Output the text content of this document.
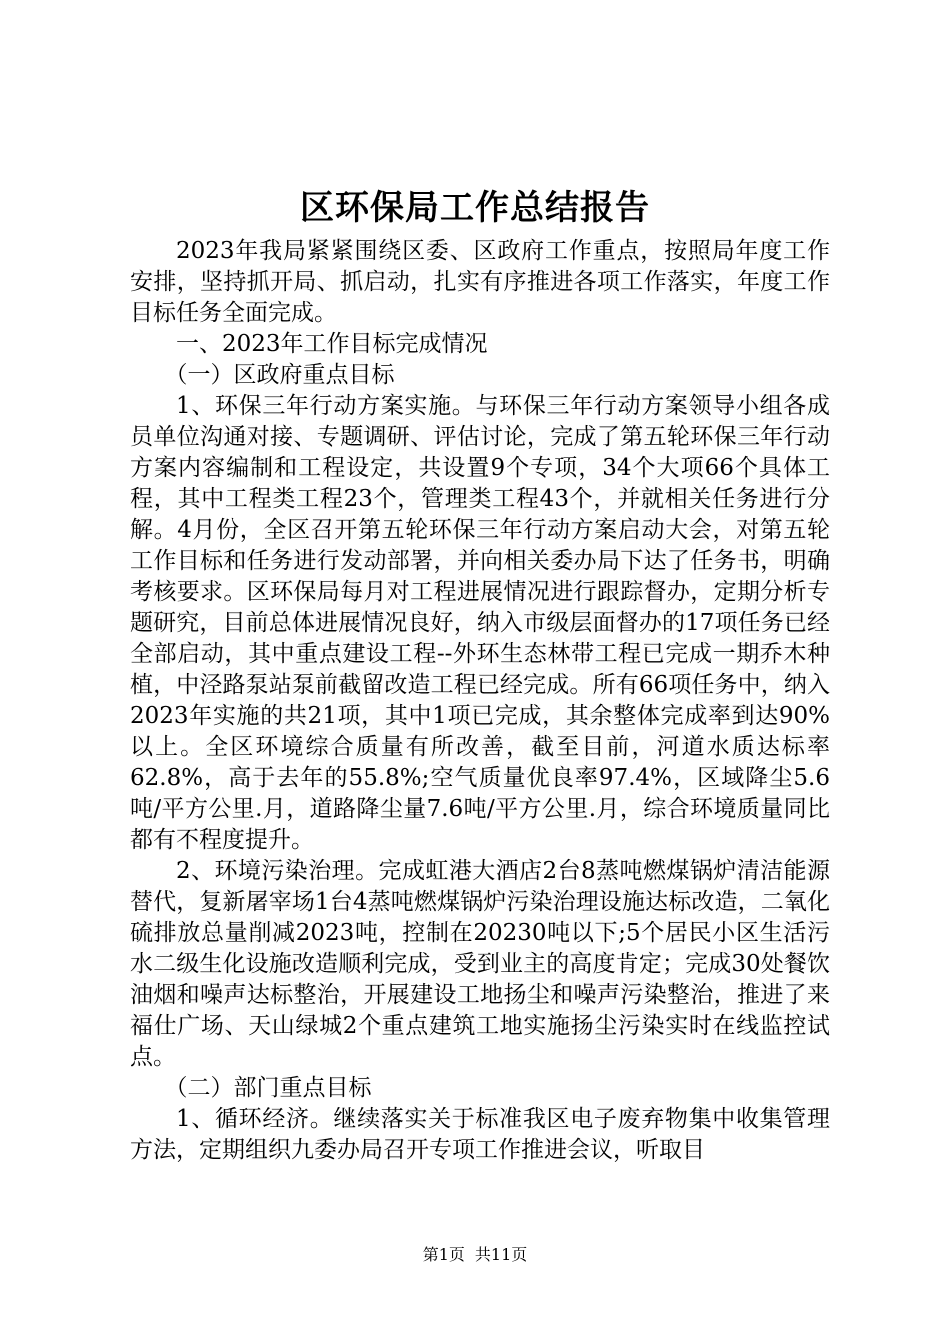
区环保局工作总结报告

2023年我局紧紧围绕区委、区政府工作重点，按照局年度工作安排，坚持抓开局、抓启动，扎实有序推进各项工作落实，年度工作目标任务全面完成。

一、2023年工作目标完成情况

（一）区政府重点目标

1、环保三年行动方案实施。与环保三年行动方案领导小组各成员单位沟通对接、专题调研、评估讨论，完成了第五轮环保三年行动方案内容编制和工程设定，共设置9个专项，34个大项66个具体工程，其中工程类工程23个，管理类工程43个，并就相关任务进行分解。4月份，全区召开第五轮环保三年行动方案启动大会，对第五轮工作目标和任务进行发动部署，并向相关委办局下达了任务书，明确考核要求。区环保局每月对工程进展情况进行跟踪督办，定期分析专题研究，目前总体进展情况良好，纳入市级层面督办的17项任务已经全部启动，其中重点建设工程--外环生态林带工程已完成一期乔木种植，中泾路泵站泵前截留改造工程已经完成。所有66项任务中，纳入2023年实施的共21项，其中1项已完成，其余整体完成率到达90%以上。全区环境综合质量有所改善，截至目前，河道水质达标率62.8%，高于去年的55.8%;空气质量优良率97.4%，区域降尘5.6吨/平方公里.月，道路降尘量7.6吨/平方公里.月，综合环境质量同比都有不程度提升。

2、环境污染治理。完成虹港大酒店2台8蒸吨燃煤锅炉清洁能源替代，复新屠宰场1台4蒸吨燃煤锅炉污染治理设施达标改造，二氧化硫排放总量削减2023吨，控制在20230吨以下;5个居民小区生活污水二级生化设施改造顺利完成，受到业主的高度肯定；完成30处餐饮油烟和噪声达标整治，开展建设工地扬尘和噪声污染整治，推进了来福仕广场、天山绿城2个重点建筑工地实施扬尘污染实时在线监控试点。

（二）部门重点目标

1、循环经济。继续落实关于标准我区电子废弃物集中收集管理方法，定期组织九委办局召开专项工作推进会议，听取目

第1页 共11页
